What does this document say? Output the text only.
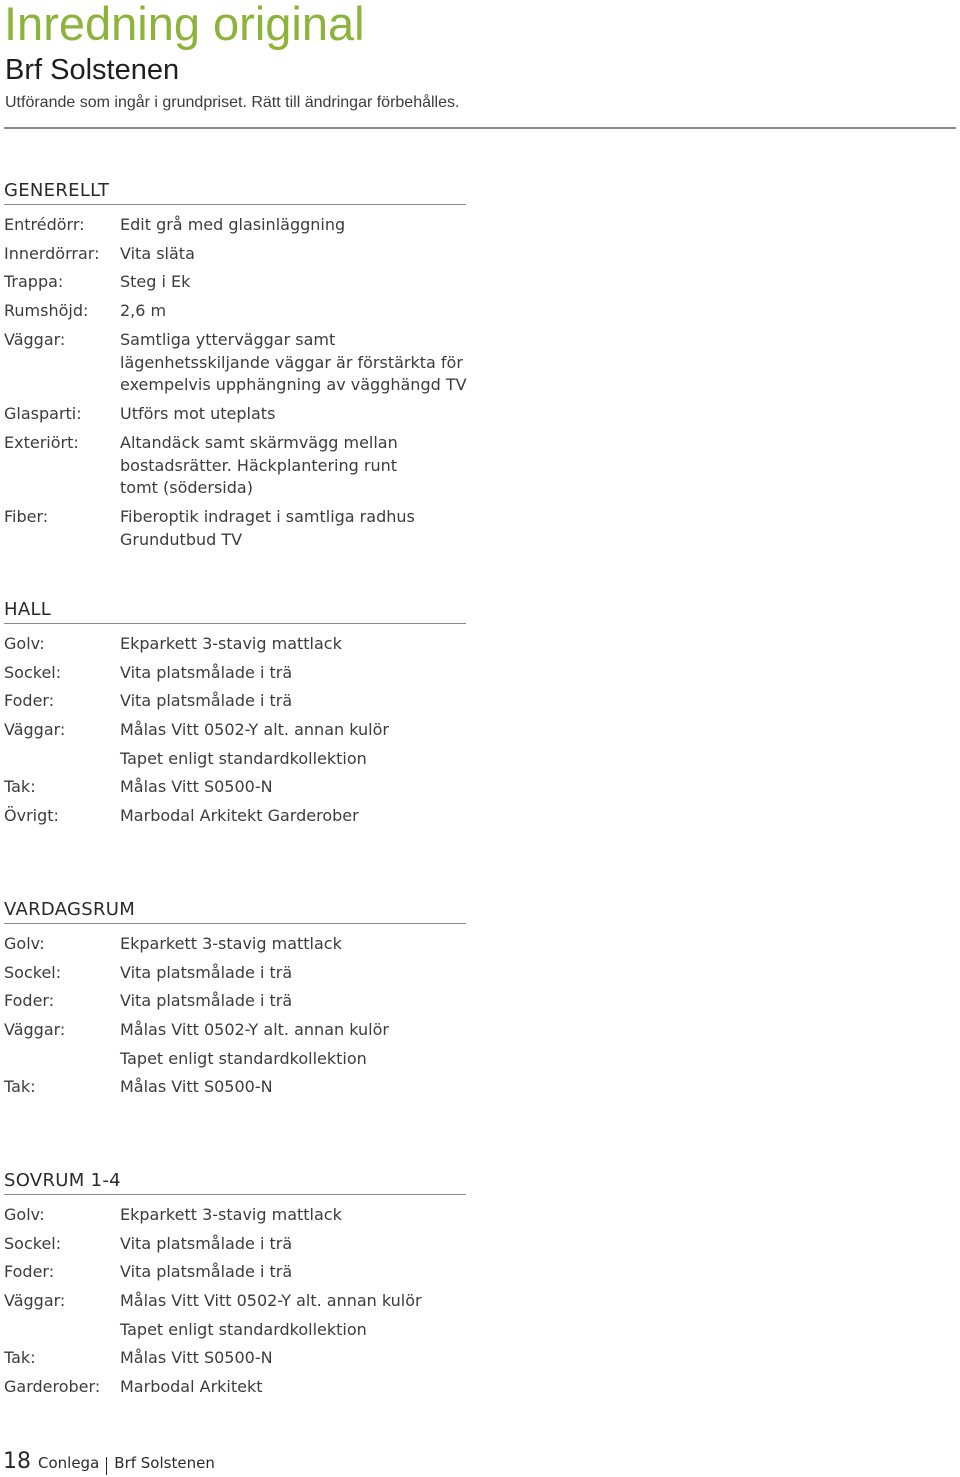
Inredning original
Brf Solstenen
Utförande som ingår i grundpriset. Rätt till ändringar förbehålles.
GENERELLT
Entrédörr:	Edit grå med glasinläggning
Innerdörrar:	Vita släta
Trappa:	Steg i Ek
Rumshöjd:	2,6 m
Väggar:	Samtliga ytterväggar samt
lägenhetsskiljande väggar är förstärkta för
exempelvis upphängning av vägghängd TV
Glasparti:	Utförs mot uteplats
Exteriört:	Altandäck samt skärmvägg mellan
bostadsrätter. Häckplantering runt
tomt (södersida)
Fiber:	Fiberoptik indraget i samtliga radhus
Grundutbud TV
HALL
Golv:	Ekparkett 3-stavig mattlack
Sockel:	Vita platsmålade i trä
Foder:	Vita platsmålade i trä
Väggar:	Målas Vitt 0502-Y alt. annan kulör
Tapet enligt standardkollektion
Tak:	Målas Vitt S0500-N
Övrigt:	Marbodal Arkitekt Garderober
VARDAGSRUM
Golv:	Ekparkett 3-stavig mattlack
Sockel:	Vita platsmålade i trä
Foder:	Vita platsmålade i trä
Väggar:	Målas Vitt 0502-Y alt. annan kulör
Tapet enligt standardkollektion
Tak:	Målas Vitt S0500-N
SOVRUM 1-4
Golv:	Ekparkett 3-stavig mattlack
Sockel:	Vita platsmålade i trä
Foder:	Vita platsmålade i trä
Väggar:	Målas Vitt Vitt 0502-Y alt. annan kulör
Tapet enligt standardkollektion
Tak:	Målas Vitt S0500-N
Garderober:	Marbodal Arkitekt
18 Conlega Brf Solstenen
